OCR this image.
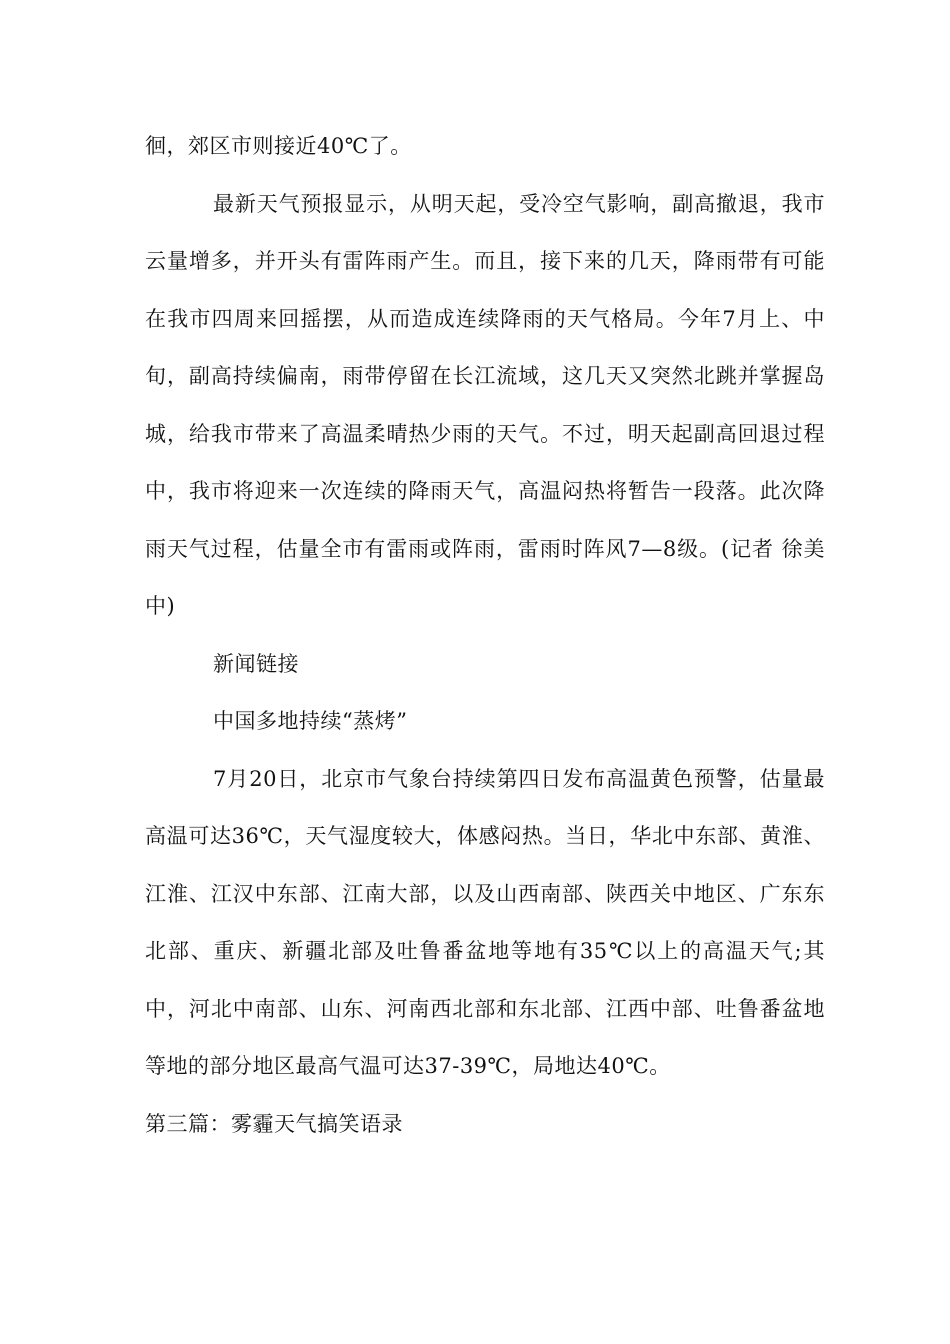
徊，郊区市则接近40℃了。

最新天气预报显示，从明天起，受冷空气影响，副高撤退，我市云量增多，并开头有雷阵雨产生。而且，接下来的几天，降雨带有可能在我市四周来回摇摆，从而造成连续降雨的天气格局。今年7月上、中旬，副高持续偏南，雨带停留在长江流域，这几天又突然北跳并掌握岛城，给我市带来了高温柔晴热少雨的天气。不过，明天起副高回退过程中，我市将迎来一次连续的降雨天气，高温闷热将暂告一段落。此次降雨天气过程，估量全市有雷雨或阵雨，雷雨时阵风7—8级。(记者 徐美中)

新闻链接

中国多地持续“蒸烤”

7月20日，北京市气象台持续第四日发布高温黄色预警，估量最高温可达36℃，天气湿度较大，体感闷热。当日，华北中东部、黄淮、江淮、江汉中东部、江南大部，以及山西南部、陕西关中地区、广东东北部、重庆、新疆北部及吐鲁番盆地等地有35℃以上的高温天气;其中，河北中南部、山东、河南西北部和东北部、江西中部、吐鲁番盆地等地的部分地区最高气温可达37-39℃，局地达40℃。

第三篇：雾霾天气搞笑语录
